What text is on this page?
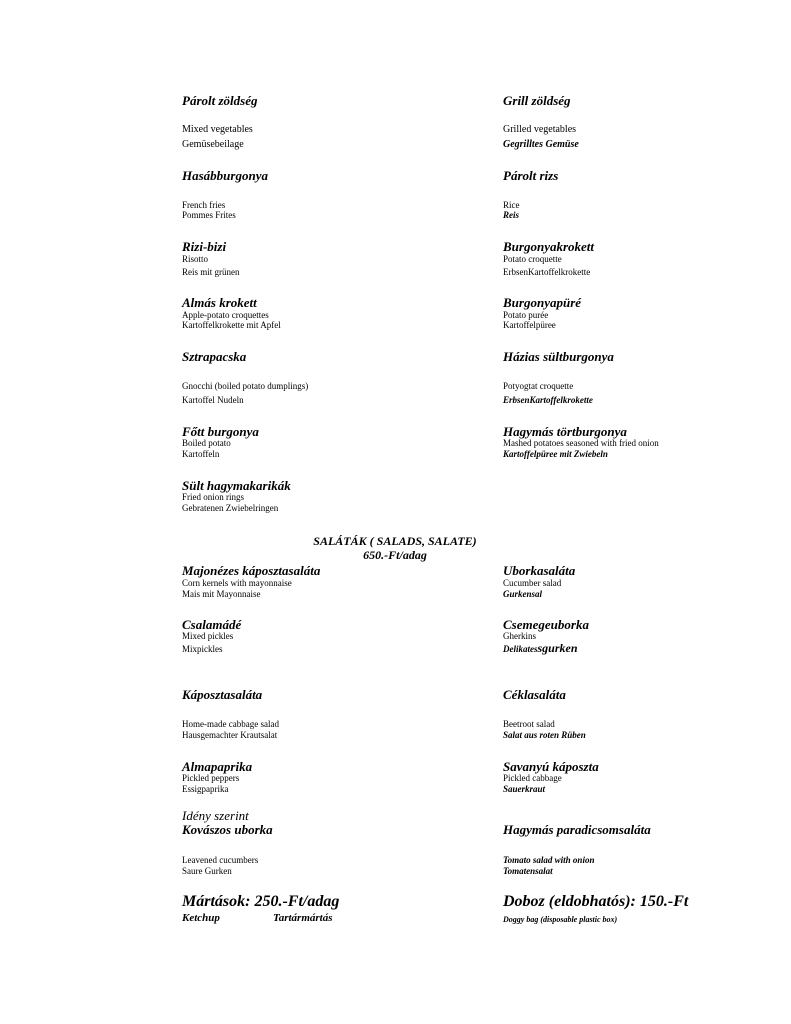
Párolt zöldség
Mixed vegetables
Gemüsebeilage
Hasábburgonya
French fries
Pommes Frites
Rizi-bizi
Risotto
Reis mit grünen
Almás krokett
Apple-potato croquettes
Kartoffelkrokette mit Apfel
Sztrapacska
Gnocchi (boiled potato dumplings)
Kartoffel Nudeln
Főtt burgonya
Boiled potato
Kartoffeln
Sült hagymakarikák
Fried onion rings
Gebratenen Zwiebelringen
Grill zöldség
Grilled vegetables
Gegrilltes Gemüse
Párolt rizs
Rice
Reis
Burgonyakrokett
Potato croquette
ErbsenKartoffelkrokette
Burgonyapüré
Potato purée
Kartoffelpüree
Házias sültburgonya
Potyogtat croquette
ErbsenKartoffelkrokette
Hagymás törtburgonya
Mashed potatoes seasoned with fried onion
Kartoffelpüree mit Zwiebeln
SALÁTÁK ( SALADS, SALATE)
650.-Ft/adag
Majonézes káposztasaláta
Corn kernels with mayonnaise
Mais mit Mayonnaise
Csalamádé
Mixed pickles
Mixpickles
Káposztasaláta
Home-made cabbage salad
Hausgemachter Krautsalat
Almapaprika
Pickled peppers
Essigpaprika
Idény szerint
Kovászos uborka
Leavened cucumbers
Saure Gurken
Uborkasaláta
Cucumber salad
Gurkensal
Csemegeuborka
Gherkins
Delikatessgurken
Céklasaláta
Beetroot salad
Salat aus roten Rüben
Savanyú káposzta
Pickled cabbage
Sauerkraut
Hagymás paradicsomsaláta
Tomato salad with onion
Tomatensalat
Mártások: 250.-Ft/adag
Ketchup	Tartármártás
Doboz (eldobhatós): 150.-Ft
Doggy bag (disposable plastic box)
